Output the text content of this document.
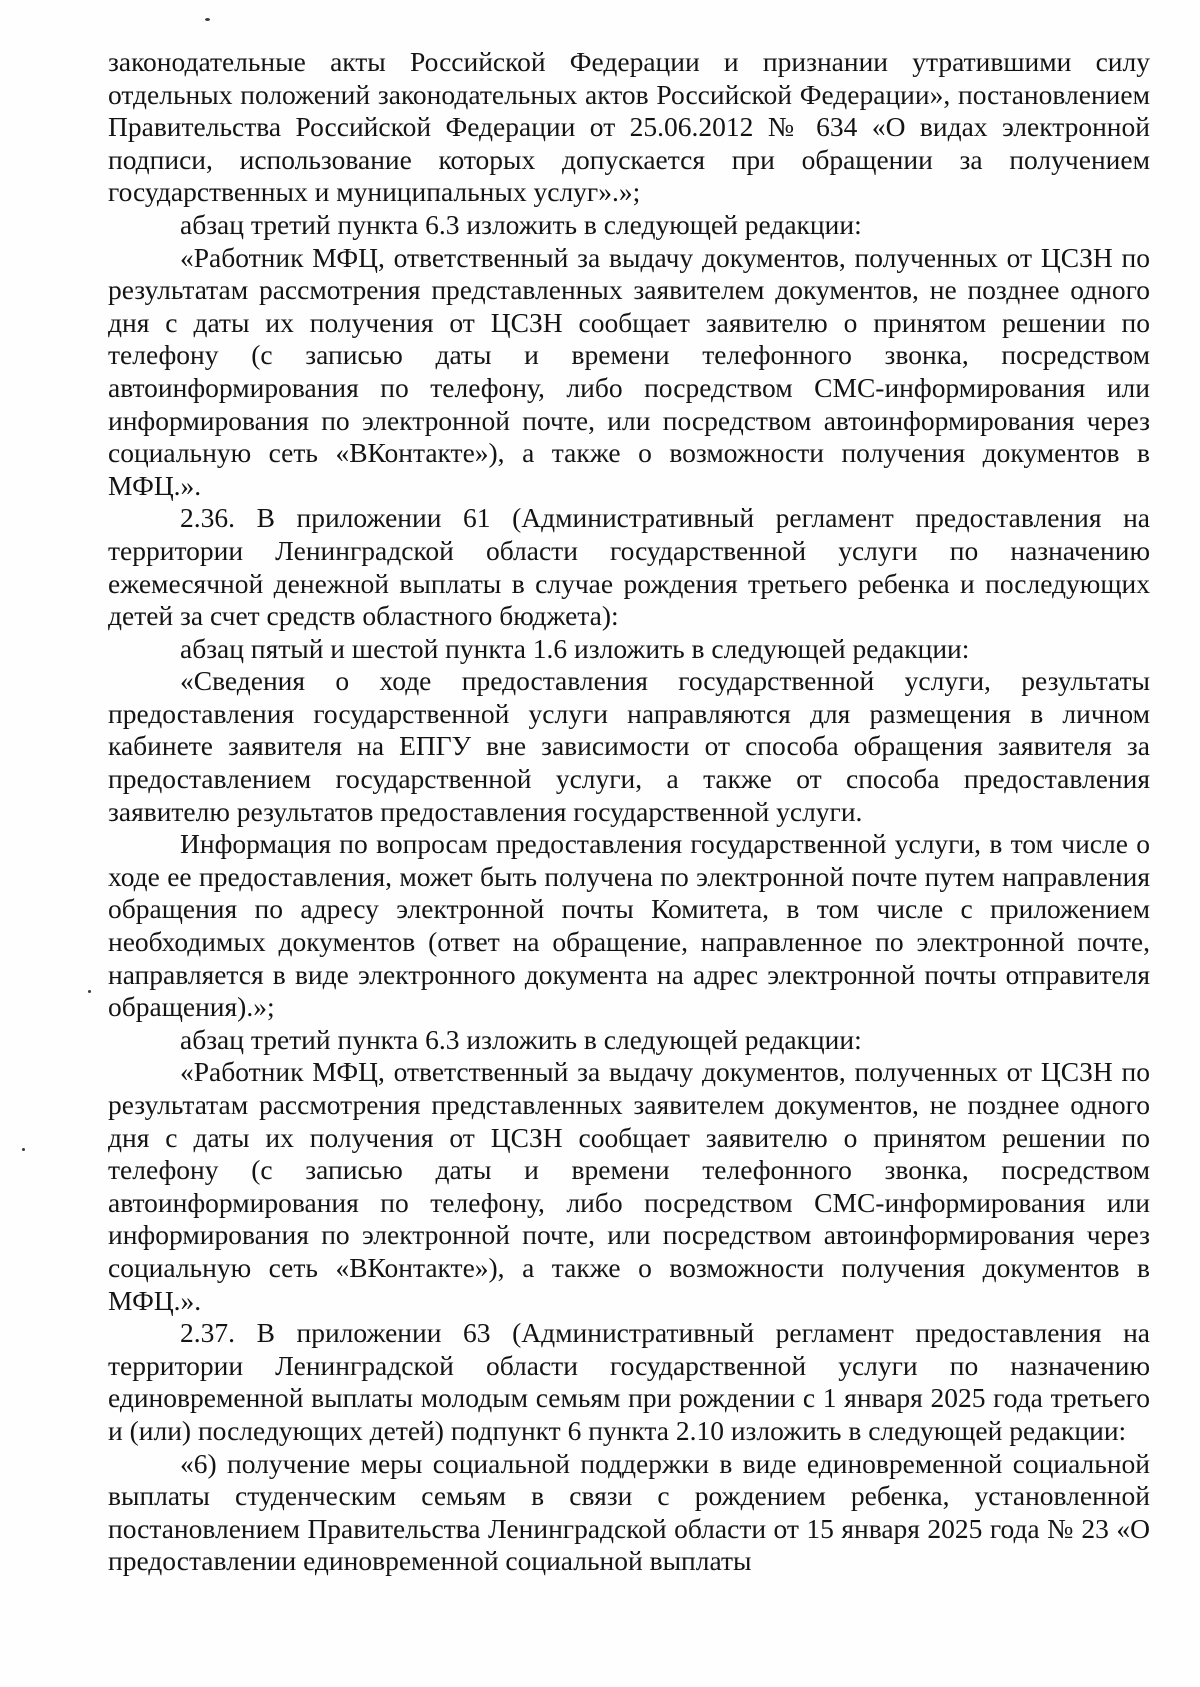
законодательные акты Российской Федерации и признании утратившими силу отдельных положений законодательных актов Российской Федерации», постановлением Правительства Российской Федерации от 25.06.2012 № 634 «О видах электронной подписи, использование которых допускается при обращении за получением государственных и муниципальных услуг».»;

абзац третий пункта 6.3 изложить в следующей редакции:

«Работник МФЦ, ответственный за выдачу документов, полученных от ЦСЗН по результатам рассмотрения представленных заявителем документов, не позднее одного дня с даты их получения от ЦСЗН сообщает заявителю о принятом решении по телефону (с записью даты и времени телефонного звонка, посредством автоинформирования по телефону, либо посредством СМС-информирования или информирования по электронной почте, или посредством автоинформирования через социальную сеть «ВКонтакте»), а также о возможности получения документов в МФЦ.».

2.36. В приложении 61 (Административный регламент предоставления на территории Ленинградской области государственной услуги по назначению ежемесячной денежной выплаты в случае рождения третьего ребенка и последующих детей за счет средств областного бюджета):

абзац пятый и шестой пункта 1.6 изложить в следующей редакции:

«Сведения о ходе предоставления государственной услуги, результаты предоставления государственной услуги направляются для размещения в личном кабинете заявителя на ЕПГУ вне зависимости от способа обращения заявителя за предоставлением государственной услуги, а также от способа предоставления заявителю результатов предоставления государственной услуги.

Информация по вопросам предоставления государственной услуги, в том числе о ходе ее предоставления, может быть получена по электронной почте путем направления обращения по адресу электронной почты Комитета, в том числе с приложением необходимых документов (ответ на обращение, направленное по электронной почте, направляется в виде электронного документа на адрес электронной почты отправителя обращения).»;

абзац третий пункта 6.3 изложить в следующей редакции:

«Работник МФЦ, ответственный за выдачу документов, полученных от ЦСЗН по результатам рассмотрения представленных заявителем документов, не позднее одного дня с даты их получения от ЦСЗН сообщает заявителю о принятом решении по телефону (с записью даты и времени телефонного звонка, посредством автоинформирования по телефону, либо посредством СМС-информирования или информирования по электронной почте, или посредством автоинформирования через социальную сеть «ВКонтакте»), а также о возможности получения документов в МФЦ.».

2.37. В приложении 63 (Административный регламент предоставления на территории Ленинградской области государственной услуги по назначению единовременной выплаты молодым семьям при рождении с 1 января 2025 года третьего и (или) последующих детей) подпункт 6 пункта 2.10 изложить в следующей редакции:

«6) получение меры социальной поддержки в виде единовременной социальной выплаты студенческим семьям в связи с рождением ребенка, установленной постановлением Правительства Ленинградской области от 15 января 2025 года № 23 «О предоставлении единовременной социальной выплаты
